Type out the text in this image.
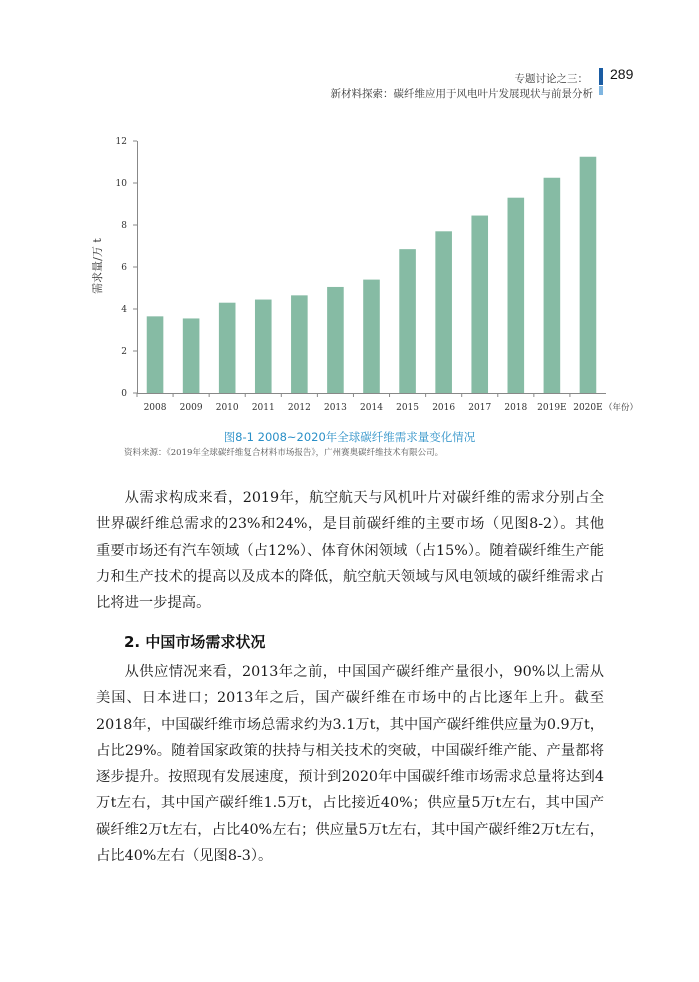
专题讨论之三：
新材料探索：碳纤维应用于风电叶片发展现状与前景分析
289
0
2
4
6
8
10
12
2008 2009 2010 2011 2012 2013 2014 2015 2016 2017 2018 2019E 2020E
需求量/万 t
（年份）
图8-1 2008~2020年全球碳纤维需求量变化情况
资料来源：《2019年全球碳纤维复合材料市场报告》，广州赛奥碳纤维技术有限公司。

从需求构成来看，2019年，航空航天与风机叶片对碳纤维的需求分别占全世界碳纤维总需求的23%和24%，是目前碳纤维的主要市场（见图8-2）。其他重要市场还有汽车领域（占12%）、体育休闲领域（占15%）。随着碳纤维生产能力和生产技术的提高以及成本的降低，航空航天领域与风电领域的碳纤维需求占比将进一步提高。

2. 中国市场需求状况

从供应情况来看，2013年之前，中国国产碳纤维产量很小，90%以上需从美国、日本进口；2013年之后，国产碳纤维在市场中的占比逐年上升。截至2018年，中国碳纤维市场总需求约为3.1万t，其中国产碳纤维供应量为0.9万t，占比29%。随着国家政策的扶持与相关技术的突破，中国碳纤维产能、产量都将逐步提升。按照现有发展速度，预计到2020年中国碳纤维市场需求总量将达到4万t左右，其中国产碳纤维1.5万t，占比接近40%；供应量5万t左右，其中国产碳纤维2万t左右，占比40%左右；供应量5万t左右，其中国产碳纤维2万t左右，占比40%左右（见图8-3）。
